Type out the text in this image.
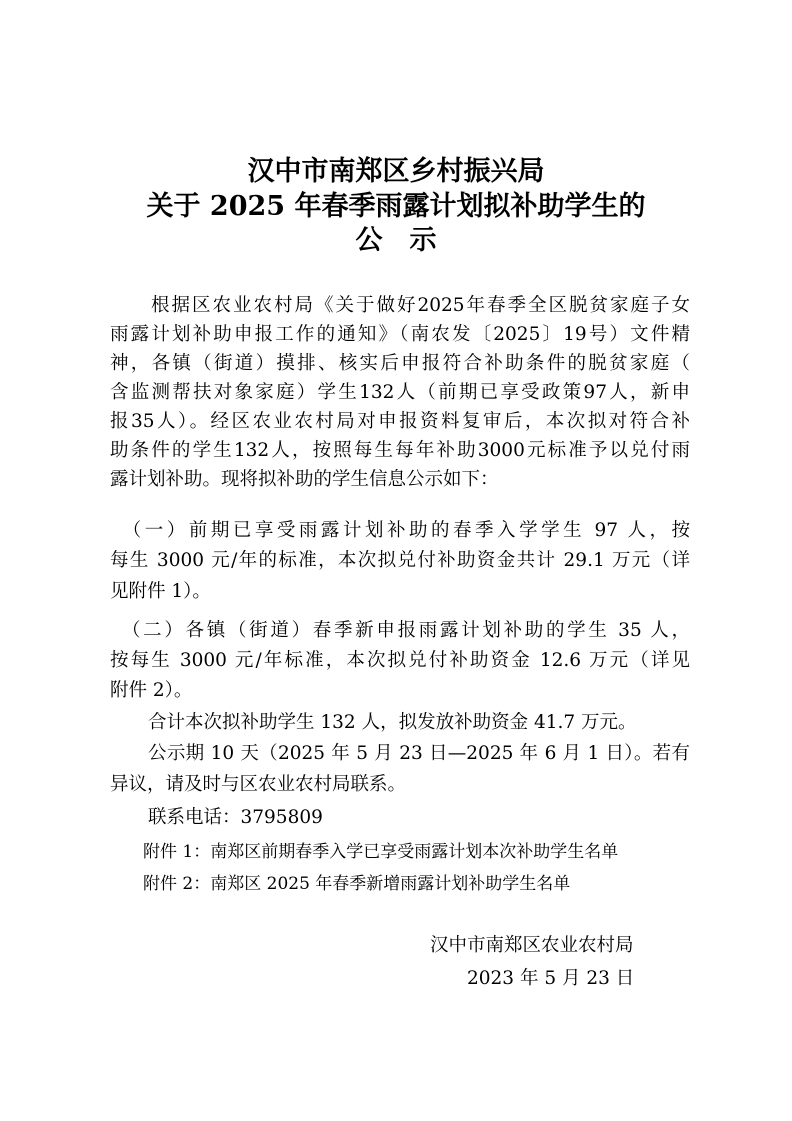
汉中市南郑区乡村振兴局
关于 2025 年春季雨露计划拟补助学生的
公　示
　　根据区农业农村局《关于做好2025年春季全区脱贫家庭子女
雨露计划补助申报工作的通知》（南农发〔2025〕19号）文件精
神，各镇（街道）摸排、核实后申报符合补助条件的脱贫家庭（
含监测帮扶对象家庭）学生132人（前期已享受政策97人，新申
报35人）。经区农业农村局对申报资料复审后，本次拟对符合补
助条件的学生132人，按照每生每年补助3000元标准予以兑付雨
露计划补助。现将拟补助的学生信息公示如下：
　（一）前期已享受雨露计划补助的春季入学学生 97 人，按
每生 3000 元/年的标准，本次拟兑付补助资金共计 29.1 万元（详
见附件 1）。
　（二）各镇（街道）春季新申报雨露计划补助的学生 35 人，
按每生 3000 元/年标准，本次拟兑付补助资金 12.6 万元（详见
附件 2）。
合计本次拟补助学生 132 人，拟发放补助资金 41.7 万元。
公示期 10 天（2025 年 5 月 23 日—2025 年 6 月 1 日）。若有
异议，请及时与区农业农村局联系。
联系电话：3795809
附件 1：南郑区前期春季入学已享受雨露计划本次补助学生名单
附件 2：南郑区 2025 年春季新增雨露计划补助学生名单
汉中市南郑区农业农村局
2023 年 5 月 23 日
